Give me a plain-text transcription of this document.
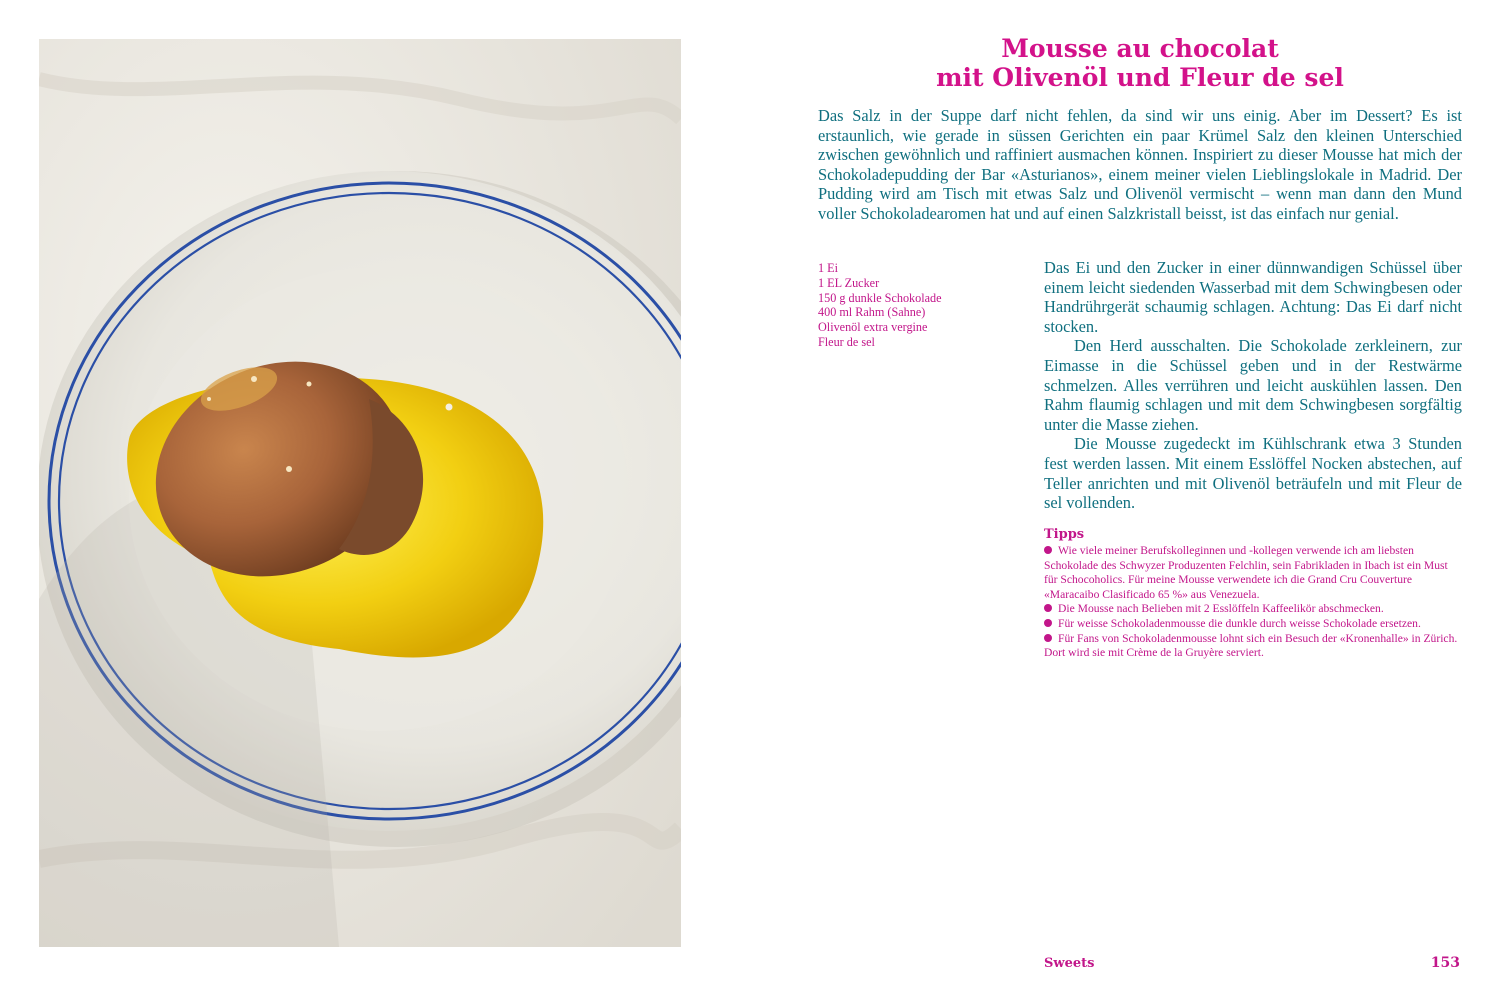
Mousse au chocolat
mit Olivenöl und Fleur de sel

Das Salz in der Suppe darf nicht fehlen, da sind wir uns einig. Aber im Dessert? Es ist erstaunlich, wie gerade in süssen Gerichten ein paar Krümel Salz den kleinen Unterschied zwischen gewöhnlich und raffiniert ausmachen können. Inspiriert zu dieser Mousse hat mich der Schokoladepudding der Bar «Asturianos», einem meiner vielen Lieblingslokale in Madrid. Der Pudding wird am Tisch mit etwas Salz und Olivenöl vermischt – wenn man dann den Mund voller Schokoladearomen hat und auf einen Salzkristall beisst, ist das einfach nur genial.

1 Ei
1 EL Zucker
150 g dunkle Schokolade
400 ml Rahm (Sahne)
Olivenöl extra vergine
Fleur de sel

Das Ei und den Zucker in einer dünnwandigen Schüssel über einem leicht siedenden Wasserbad mit dem Schwingbesen oder Handrührgerät schaumig schlagen. Achtung: Das Ei darf nicht stocken.

Den Herd ausschalten. Die Schokolade zerkleinern, zur Eimasse in die Schüssel geben und in der Restwärme schmelzen. Alles verrühren und leicht auskühlen lassen. Den Rahm flaumig schlagen und mit dem Schwingbesen sorgfältig unter die Masse ziehen.

Die Mousse zugedeckt im Kühlschrank etwa 3 Stunden fest werden lassen. Mit einem Esslöffel Nocken abstechen, auf Teller anrichten und mit Olivenöl beträufeln und mit Fleur de sel vollenden.

Tipps
Wie viele meiner Berufskolleginnen und -kollegen verwende ich am liebsten Schokolade des Schwyzer Produzenten Felchlin, sein Fabrikladen in Ibach ist ein Must für Schocoholics. Für meine Mousse verwendete ich die Grand Cru Couverture «Maracaibo Clasificado 65 %» aus Venezuela.
Die Mousse nach Belieben mit 2 Esslöffeln Kaffeelikör abschmecken.
Für weisse Schokoladenmousse die dunkle durch weisse Schokolade ersetzen.
Für Fans von Schokoladenmousse lohnt sich ein Besuch der «Kronenhalle» in Zürich. Dort wird sie mit Crème de la Gruyère serviert.
Sweets	153
